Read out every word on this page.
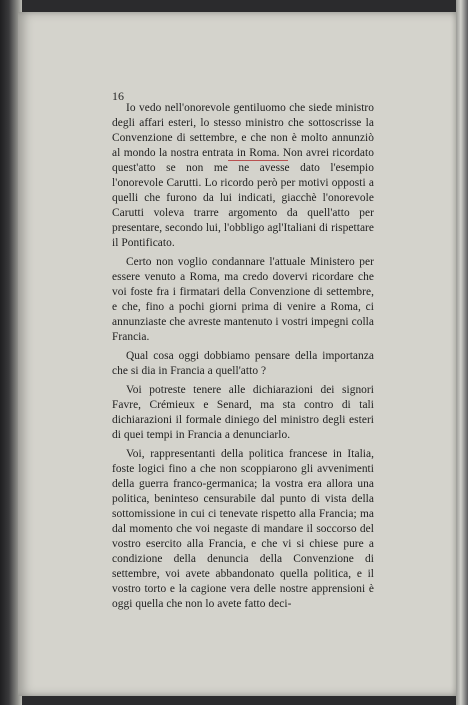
16

Io vedo nell'onorevole gentiluomo che siede ministro degli affari esteri, lo stesso ministro che sottoscrisse la Convenzione di settembre, e che non è molto annunziò al mondo la nostra entrata in Roma. Non avrei ricordato quest'atto se non me ne avesse dato l'esempio l'onorevole Carutti. Lo ricordo però per motivi opposti a quelli che furono da lui indicati, giacchè l'onorevole Carutti voleva trarre argomento da quell'atto per presentare, secondo lui, l'obbligo agl'Italiani di rispettare il Pontificato.

Certo non voglio condannare l'attuale Ministero per essere venuto a Roma, ma credo dovervi ricordare che voi foste fra i firmatari della Convenzione di settembre, e che, fino a pochi giorni prima di venire a Roma, ci annunziaste che avreste mantenuto i vostri impegni colla Francia.

Qual cosa oggi dobbiamo pensare della importanza che si dia in Francia a quell'atto ?

Voi potreste tenere alle dichiarazioni dei signori Favre, Crémieux e Senard, ma sta contro di tali dichiarazioni il formale diniego del ministro degli esteri di quei tempi in Francia a denunciarlo.

Voi, rappresentanti della politica francese in Italia, foste logici fino a che non scoppiarono gli avvenimenti della guerra franco-germanica; la vostra era allora una politica, benintesо censurabile dal punto di vista della sottomissione in cui ci tenevate rispetto alla Francia; ma dal momento che voi negaste di mandare il soccorso del vostro esercito alla Francia, e che vi si chiese pure a condizione della denuncia della Convenzione di settembre, voi avete abbandonato quella politica, e il vostro torto e la cagione vera delle nostre apprensioni è oggi quella che non lo avete fatto deci-
